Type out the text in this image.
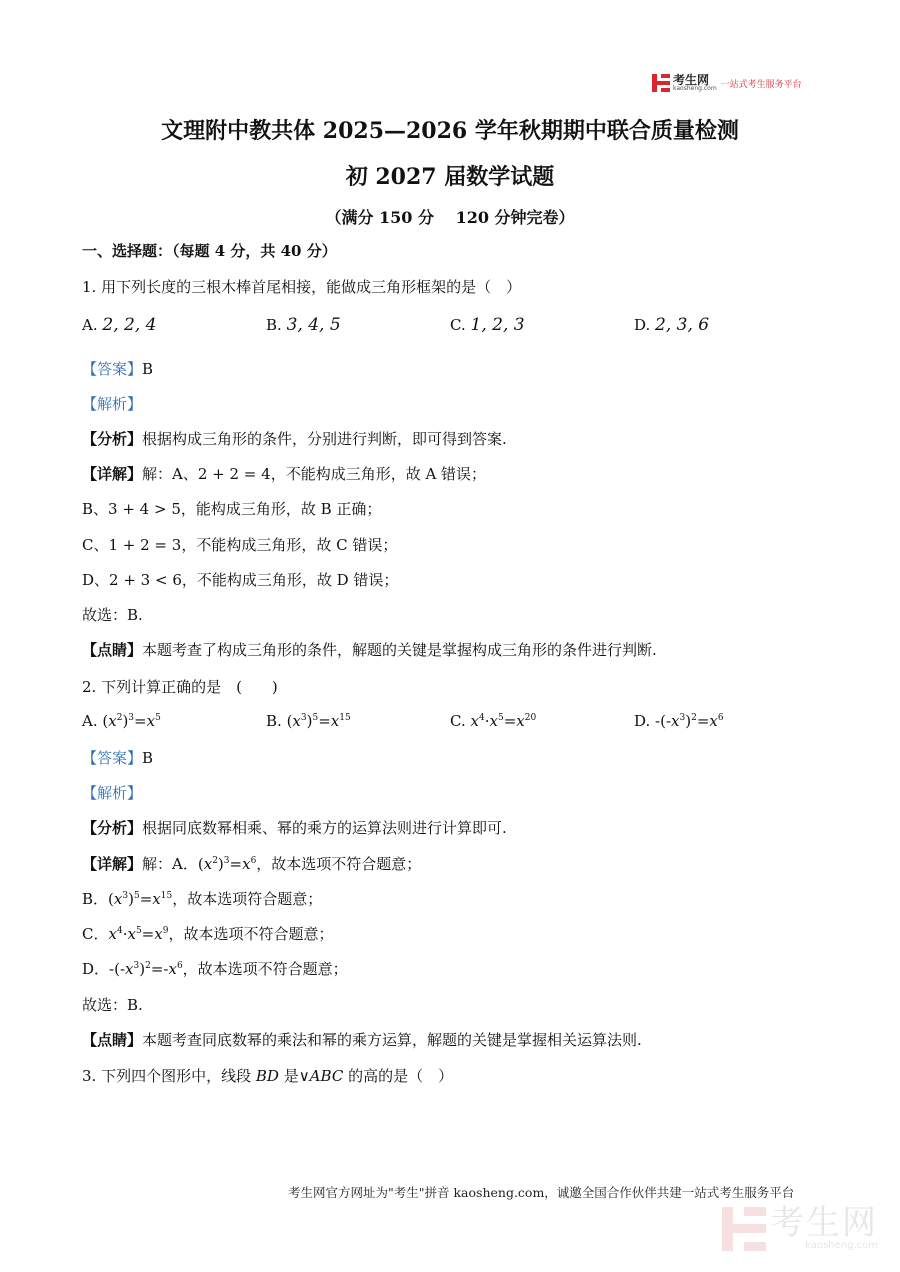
考生网
kaosheng.com 一站式考生服务平台
文理附中教共体 2025—2026 学年秋期期中联合质量检测
初 2027 届数学试题
（满分 150 分　 120 分钟完卷）
一、选择题：（每题 4 分，共 40 分）
1. 用下列长度的三根木棒首尾相接，能做成三角形框架的是（　）
A. 2, 2, 4	B. 3, 4, 5	C. 1, 2, 3	D. 2, 3, 6
【答案】B
【解析】
【分析】根据构成三角形的条件，分别进行判断，即可得到答案.
【详解】解：A、2 + 2 = 4，不能构成三角形，故 A 错误；
B、3 + 4 > 5，能构成三角形，故 B 正确；
C、1 + 2 = 3，不能构成三角形，故 C 错误；
D、2 + 3 < 6，不能构成三角形，故 D 错误；
故选：B.
【点睛】本题考查了构成三角形的条件，解题的关键是掌握构成三角形的条件进行判断.
2. 下列计算正确的是　(　　)
A. $(x^2)^3=x^5$	B. $(x^3)^5=x^{15}$	C. $x^4\cdot x^5=x^{20}$	D. $-(-x^3)^2=x^6$
【答案】B
【解析】
【分析】根据同底数幂相乘、幂的乘方的运算法则进行计算即可.
【详解】解：A．$(x^2)^3=x^6$，故本选项不符合题意；
B．$(x^3)^5=x^{15}$，故本选项符合题意；
C．$x^4\cdot x^5=x^9$，故本选项不符合题意；
D．$-(-x^3)^2=-x^6$，故本选项不符合题意；
故选：B.
【点睛】本题考查同底数幂的乘法和幂的乘方运算，解题的关键是掌握相关运算法则.
3. 下列四个图形中，线段 BD 是∨ABC 的高的是（　）
考生网官方网址为"考生"拼音 kaosheng.com，诚邀全国合作伙伴共建一站式考生服务平台
考生网
kaosheng.com
